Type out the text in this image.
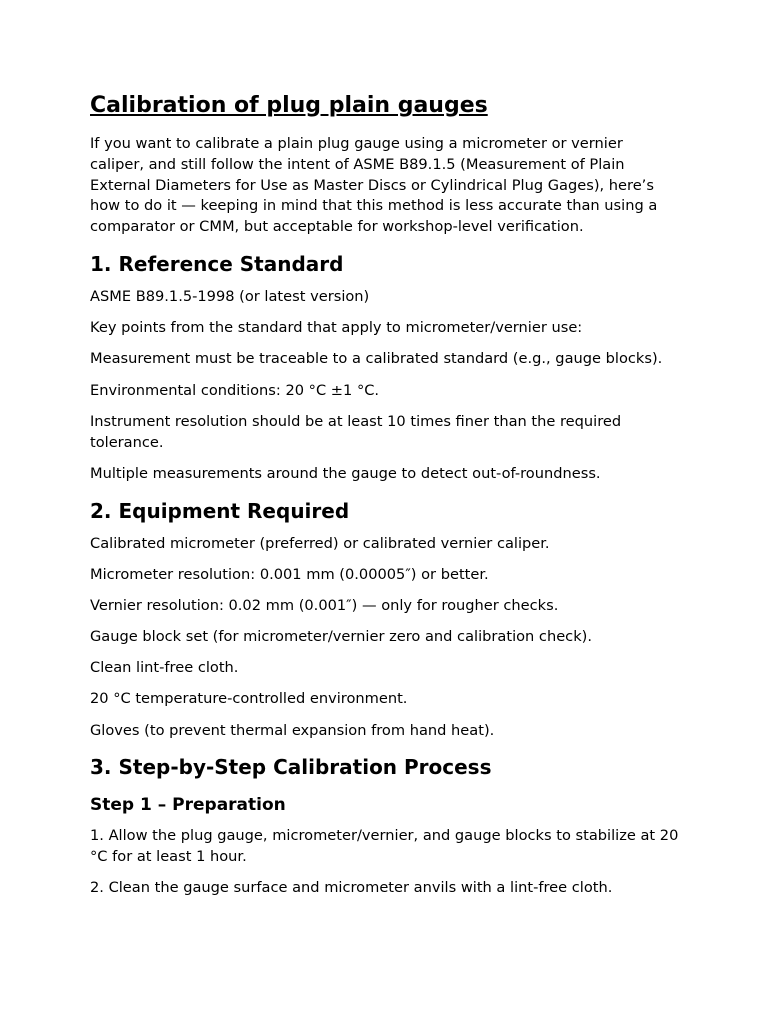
Calibration of plug plain gauges

If you want to calibrate a plain plug gauge using a micrometer or vernier caliper, and still follow the intent of ASME B89.1.5 (Measurement of Plain External Diameters for Use as Master Discs or Cylindrical Plug Gages), here’s how to do it — keeping in mind that this method is less accurate than using a comparator or CMM, but acceptable for workshop-level verification.

1. Reference Standard

ASME B89.1.5-1998 (or latest version)

Key points from the standard that apply to micrometer/vernier use:

Measurement must be traceable to a calibrated standard (e.g., gauge blocks).

Environmental conditions: 20 °C ±1 °C.

Instrument resolution should be at least 10 times finer than the required tolerance.

Multiple measurements around the gauge to detect out-of-roundness.

2. Equipment Required

Calibrated micrometer (preferred) or calibrated vernier caliper.

Micrometer resolution: 0.001 mm (0.00005″) or better.

Vernier resolution: 0.02 mm (0.001″) — only for rougher checks.

Gauge block set (for micrometer/vernier zero and calibration check).

Clean lint-free cloth.

20 °C temperature-controlled environment.

Gloves (to prevent thermal expansion from hand heat).

3. Step-by-Step Calibration Process
Step 1 – Preparation

1. Allow the plug gauge, micrometer/vernier, and gauge blocks to stabilize at 20 °C for at least 1 hour.

2. Clean the gauge surface and micrometer anvils with a lint-free cloth.
